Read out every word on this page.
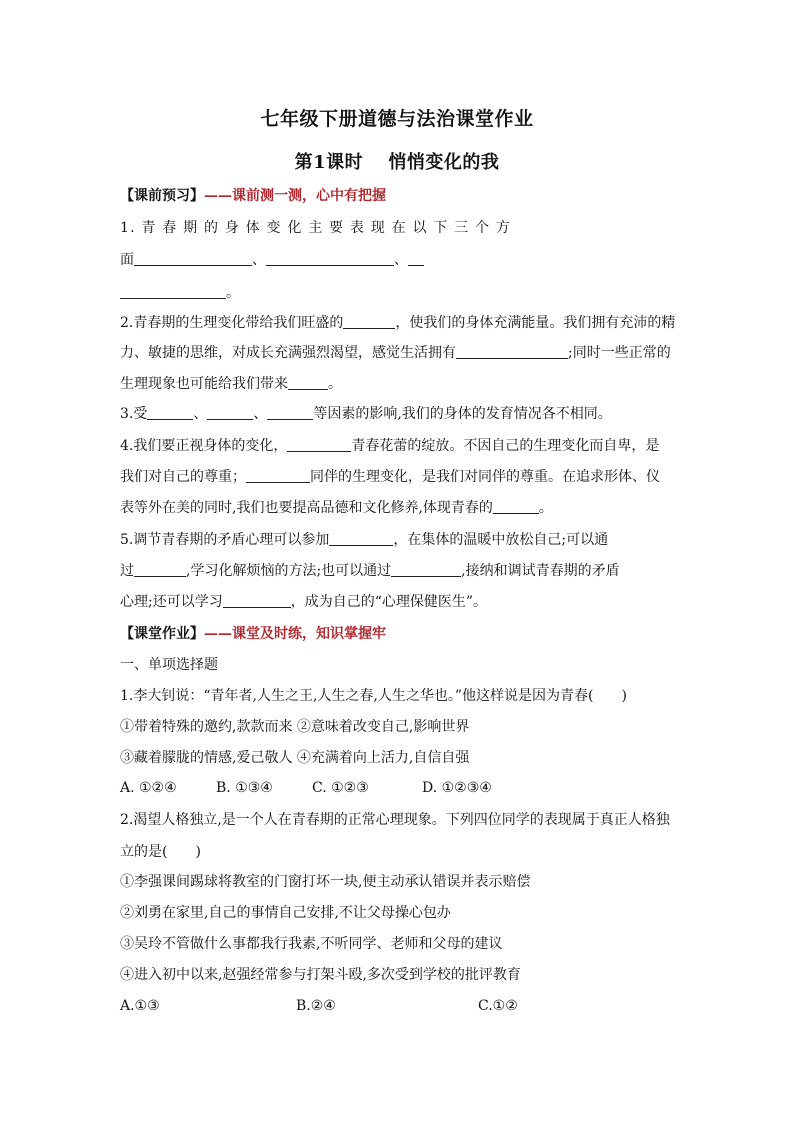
七年级下册道德与法治课堂作业
第1课时　 悄悄变化的我
【课前预习】——课前测一测，心中有把握
1. 青 春 期 的 身 体 变 化 主 要 表 现 在 以 下 三 个 方
面	、	、
。
2.青春期的生理变化带给我们旺盛的	，使我们的身体充满能量。我们拥有充沛的精
力、敏捷的思维，对成长充满强烈渴望，感觉生活拥有	;同时一些正常的
生理现象也可能给我们带来	。
3.受	、	、	等因素的影响,我们的身体的发育情况各不相同。
4.我们要正视身体的变化，	青春花蕾的绽放。不因自己的生理变化而自卑，是
我们对自己的尊重；	同伴的生理变化，是我们对同伴的尊重。在追求形体、仪
表等外在美的同时,我们也要提高品德和文化修养,体现青春的	。
5.调节青春期的矛盾心理可以参加	，在集体的温暖中放松自己;可以通
过	,学习化解烦恼的方法;也可以通过	,接纳和调试青春期的矛盾
心理;还可以学习	，成为自己的“心理保健医生”。
【课堂作业】——课堂及时练，知识掌握牢
一、单项选择题
1.李大钊说：“青年者,人生之王,人生之春,人生之华也。”他这样说是因为青春(　　)
①带着特殊的邀约,款款而来 ②意味着改变自己,影响世界
③藏着朦胧的情感,爱己敬人 ④充满着向上活力,自信自强
A. ①②④	B. ①③④	C. ①②③	D. ①②③④
2.渴望人格独立,是一个人在青春期的正常心理现象。下列四位同学的表现属于真正人格独
立的是(　　)
①李强课间踢球将教室的门窗打坏一块,便主动承认错误并表示赔偿
②刘勇在家里,自己的事情自己安排,不让父母操心包办
③吴玲不管做什么事都我行我素,不听同学、老师和父母的建议
④进入初中以来,赵强经常参与打架斗殴,多次受到学校的批评教育
A.①③	B.②④	C.①②
